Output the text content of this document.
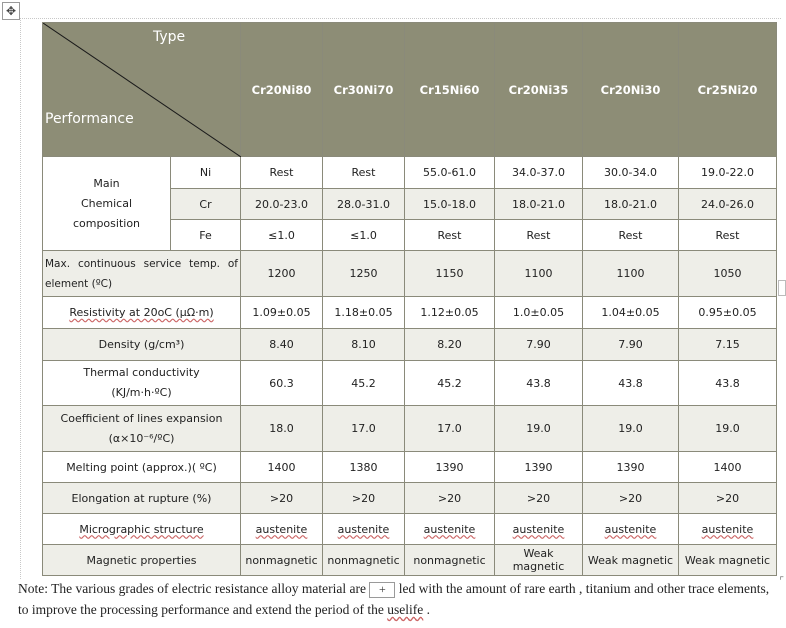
✥
Type
Performance		Cr20Ni80	Cr30Ni70	Cr15Ni60	Cr20Ni35	Cr20Ni30	Cr25Ni20

Main
Chemical
composition	Ni	Rest	Rest	55.0-61.0	34.0-37.0	30.0-34.0	19.0-22.0
	Cr	20.0-23.0	28.0-31.0	15.0-18.0	18.0-21.0	18.0-21.0	24.0-26.0
	Fe	≤1.0	≤1.0	Rest	Rest	Rest	Rest
Max. continuous service temp. of element (ºC)		1200	1250	1150	1100	1100	1050
Resistivity at 20oC (μΩ·m)		1.09±0.05	1.18±0.05	1.12±0.05	1.0±0.05	1.04±0.05	0.95±0.05
Density (g/cm³)		8.40	8.10	8.20	7.90	7.90	7.15

Thermal conductivity
(KJ/m·h·ºC)		60.3	45.2	45.2	43.8	43.8	43.8

Coefficient of lines expansion
(α×10⁻⁶/ºC)		18.0	17.0	17.0	19.0	19.0	19.0
Melting point (approx.)( ºC)		1400	1380	1390	1390	1390	1400
Elongation at rupture (%)		>20	>20	>20	>20	>20	>20
Micrographic structure		austenite	austenite	austenite	austenite	austenite	austenite
Magnetic properties		nonmagnetic	nonmagnetic	nonmagnetic	Weak magnetic	Weak magnetic	Weak magnetic
Note: The various grades of electric resistance alloy material are + led with the amount of rare earth , titanium and other trace elements, to improve the processing performance and extend the period of the uselife .
⌜
